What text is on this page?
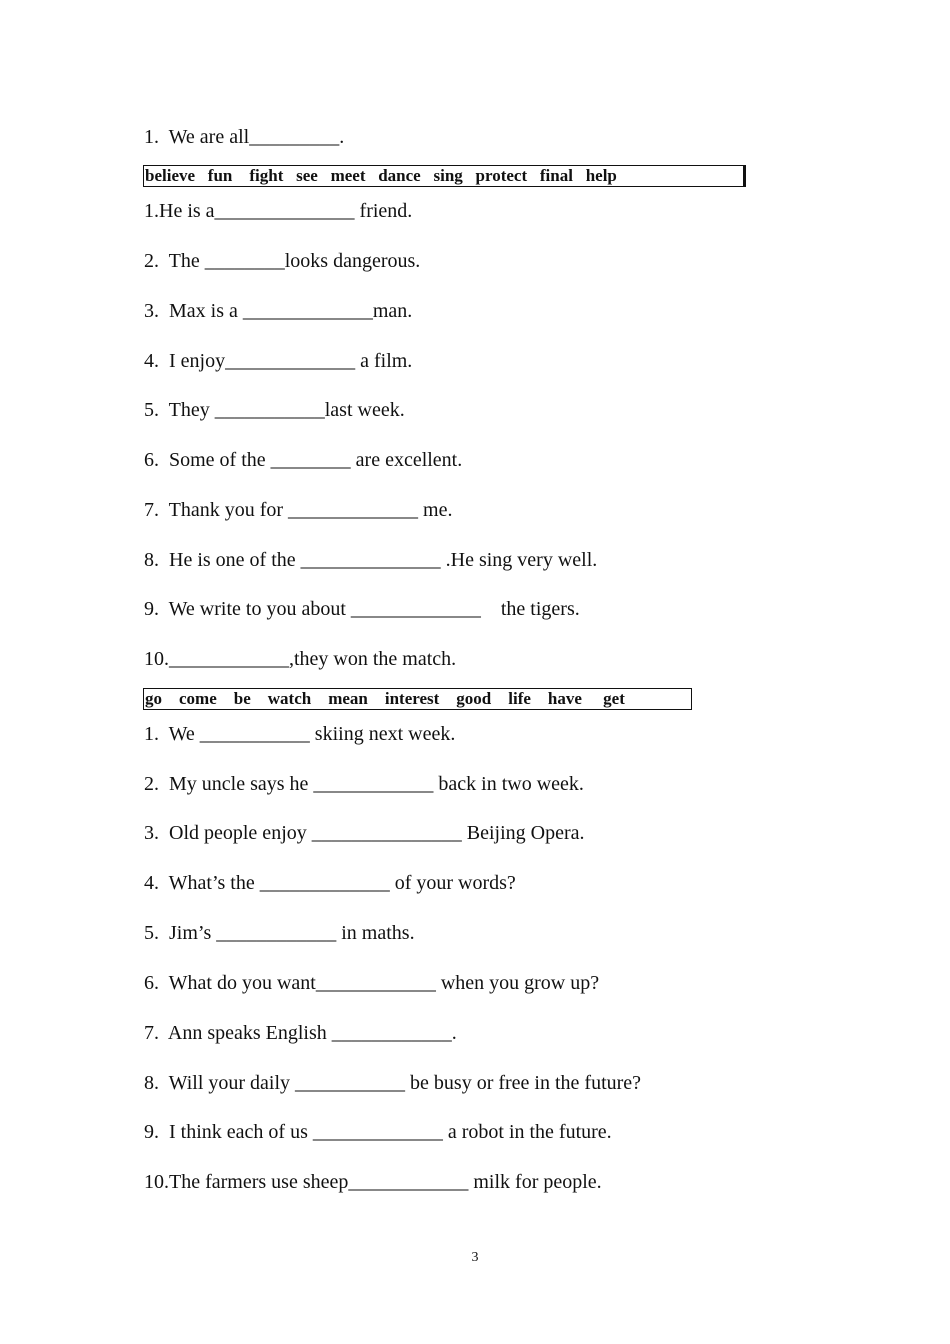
1.  We are all_________.
believe   fun    fight   see   meet   dance   sing   protect   final   help
1.He is a______________ friend.
2.  The ________looks dangerous.
3.  Max is a _____________man.
4.  I enjoy_____________ a film.
5.  They ___________last week.
6.  Some of the ________ are excellent.
7.  Thank you for _____________ me.
8.  He is one of the ______________ .He sing very well.
9.  We write to you about _____________    the tigers.
10.____________,they won the match.
go    come    be    watch    mean    interest    good    life    have     get
1.  We ___________ skiing next week.
2.  My uncle says he ____________ back in two week.
3.  Old people enjoy _______________ Beijing Opera.
4.  What’s the _____________ of your words?
5.  Jim’s ____________ in maths.
6.  What do you want____________ when you grow up?
7.  Ann speaks English ____________.
8.  Will your daily ___________ be busy or free in the future?
9.  I think each of us _____________ a robot in the future.
10.The farmers use sheep____________ milk for people.
3
